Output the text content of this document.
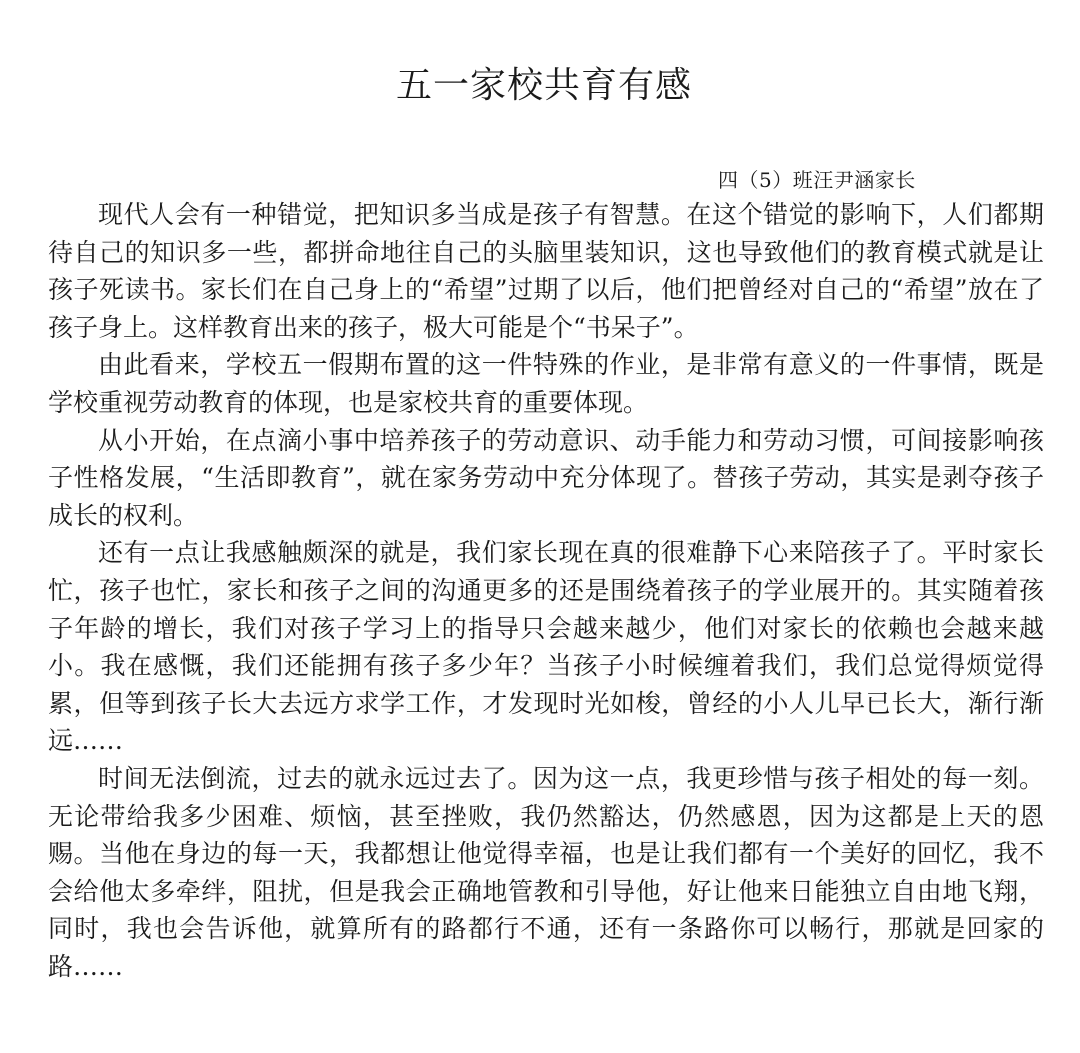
五一家校共育有感

四（5）班汪尹涵家长

现代人会有一种错觉，把知识多当成是孩子有智慧。在这个错觉的影响下，人们都期待自己的知识多一些，都拼命地往自己的头脑里装知识，这也导致他们的教育模式就是让孩子死读书。家长们在自己身上的“希望”过期了以后，他们把曾经对自己的“希望”放在了孩子身上。这样教育出来的孩子，极大可能是个“书呆子”。

由此看来，学校五一假期布置的这一件特殊的作业，是非常有意义的一件事情，既是学校重视劳动教育的体现，也是家校共育的重要体现。

从小开始，在点滴小事中培养孩子的劳动意识、动手能力和劳动习惯，可间接影响孩子性格发展，“生活即教育”，就在家务劳动中充分体现了。替孩子劳动，其实是剥夺孩子成长的权利。

还有一点让我感触颇深的就是，我们家长现在真的很难静下心来陪孩子了。平时家长忙，孩子也忙，家长和孩子之间的沟通更多的还是围绕着孩子的学业展开的。其实随着孩子年龄的增长，我们对孩子学习上的指导只会越来越少，他们对家长的依赖也会越来越小。我在感慨，我们还能拥有孩子多少年？当孩子小时候缠着我们，我们总觉得烦觉得累，但等到孩子长大去远方求学工作，才发现时光如梭，曾经的小人儿早已长大，渐行渐远……

时间无法倒流，过去的就永远过去了。因为这一点，我更珍惜与孩子相处的每一刻。无论带给我多少困难、烦恼，甚至挫败，我仍然豁达，仍然感恩，因为这都是上天的恩赐。当他在身边的每一天，我都想让他觉得幸福，也是让我们都有一个美好的回忆，我不会给他太多牵绊，阻扰，但是我会正确地管教和引导他，好让他来日能独立自由地飞翔，同时，我也会告诉他，就算所有的路都行不通，还有一条路你可以畅行，那就是回家的路……
